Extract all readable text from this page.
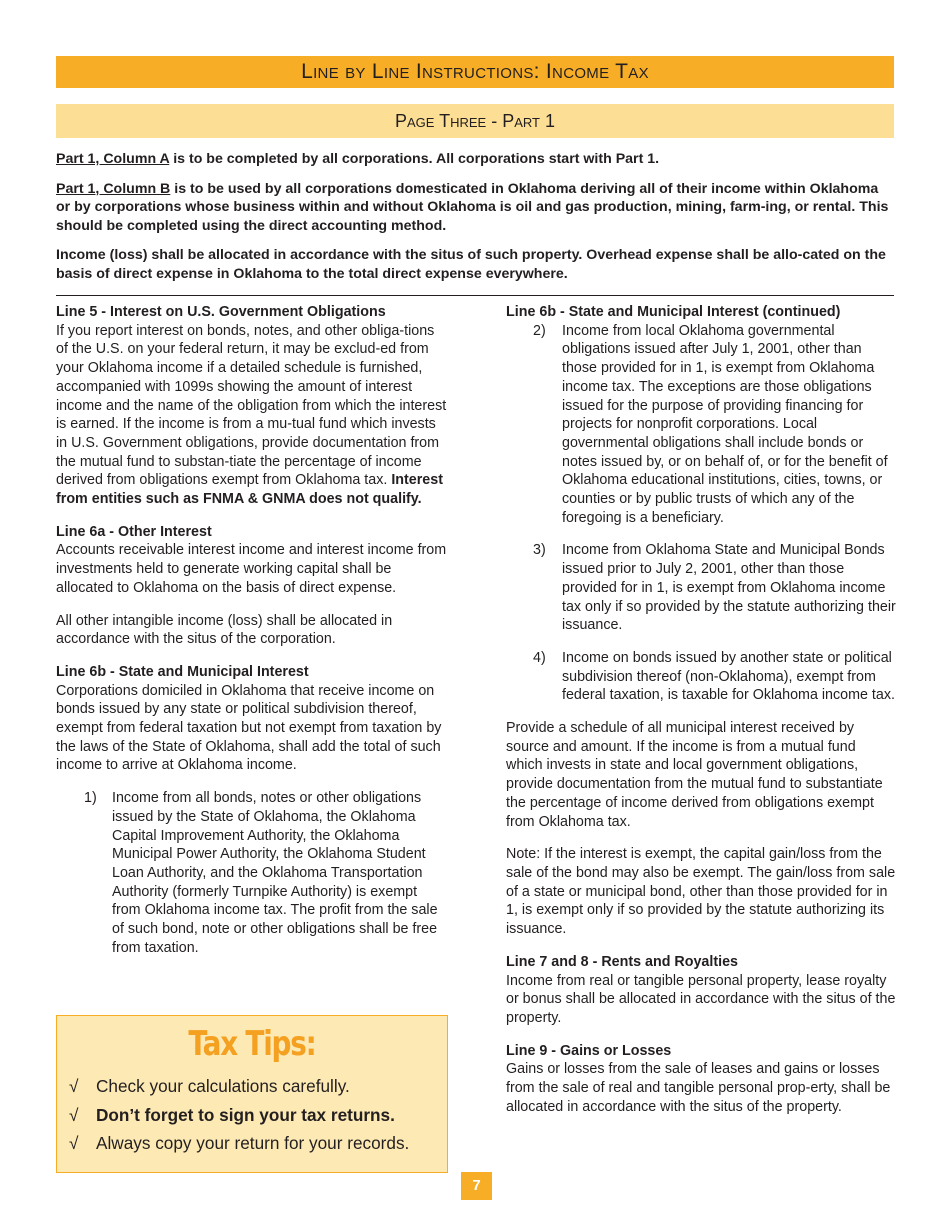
Line by Line Instructions: Income Tax
Page Three - Part 1

Part 1, Column A is to be completed by all corporations. All corporations start with Part 1.

Part 1, Column B is to be used by all corporations domesticated in Oklahoma deriving all of their income within Oklahoma or by corporations whose business within and without Oklahoma is oil and gas production, mining, farm-ing, or rental. This should be completed using the direct accounting method.

Income (loss) shall be allocated in accordance with the situs of such property. Overhead expense shall be allo-cated on the basis of direct expense in Oklahoma to the total direct expense everywhere.

Line 5 - Interest on U.S. Government Obligations

If you report interest on bonds, notes, and other obliga-tions of the U.S. on your federal return, it may be exclud-ed from your Oklahoma income if a detailed schedule is furnished, accompanied with 1099s showing the amount of interest income and the name of the obligation from which the interest is earned. If the income is from a mu-tual fund which invests in U.S. Government obligations, provide documentation from the mutual fund to substan-tiate the percentage of income derived from obligations exempt from Oklahoma tax. Interest from entities such as FNMA & GNMA does not qualify.

Line 6a - Other Interest

Accounts receivable interest income and interest income from investments held to generate working capital shall be allocated to Oklahoma on the basis of direct expense.

All other intangible income (loss) shall be allocated in accordance with the situs of the corporation.

Line 6b - State and Municipal Interest

Corporations domiciled in Oklahoma that receive income on bonds issued by any state or political subdivision thereof, exempt from federal taxation but not exempt from taxation by the laws of the State of Oklahoma, shall add the total of such income to arrive at Oklahoma income.

1) Income from all bonds, notes or other obligations issued by the State of Oklahoma, the Oklahoma Capital Improvement Authority, the Oklahoma Municipal Power Authority, the Oklahoma Student Loan Authority, and the Oklahoma Transportation Authority (formerly Turnpike Authority) is exempt from Oklahoma income tax. The profit from the sale of such bond, note or other obligations shall be free from taxation.
Tax Tips:
√	Check your calculations carefully.
√	Don’t forget to sign your tax returns.
√	Always copy your return for your records.
Line 6b - State and Municipal Interest (continued)
2) Income from local Oklahoma governmental obligations issued after July 1, 2001, other than those provided for in 1, is exempt from Oklahoma income tax. The exceptions are those obligations issued for the purpose of providing financing for projects for nonprofit corporations. Local governmental obligations shall include bonds or notes issued by, or on behalf of, or for the benefit of Oklahoma educational institutions, cities, towns, or counties or by public trusts of which any of the foregoing is a beneficiary.
3) Income from Oklahoma State and Municipal Bonds issued prior to July 2, 2001, other than those provided for in 1, is exempt from Oklahoma income tax only if so provided by the statute authorizing their issuance.
4) Income on bonds issued by another state or political subdivision thereof (non-Oklahoma), exempt from federal taxation, is taxable for Oklahoma income tax.

Provide a schedule of all municipal interest received by source and amount. If the income is from a mutual fund which invests in state and local government obligations, provide documentation from the mutual fund to substantiate the percentage of income derived from obligations exempt from Oklahoma tax.

Note: If the interest is exempt, the capital gain/loss from the sale of the bond may also be exempt. The gain/loss from sale of a state or municipal bond, other than those provided for in 1, is exempt only if so provided by the statute authorizing its issuance.

Line 7 and 8 - Rents and Royalties

Income from real or tangible personal property, lease royalty or bonus shall be allocated in accordance with the situs of the property.

Line 9 - Gains or Losses

Gains or losses from the sale of leases and gains or losses from the sale of real and tangible personal prop-erty, shall be allocated in accordance with the situs of the property.

7
